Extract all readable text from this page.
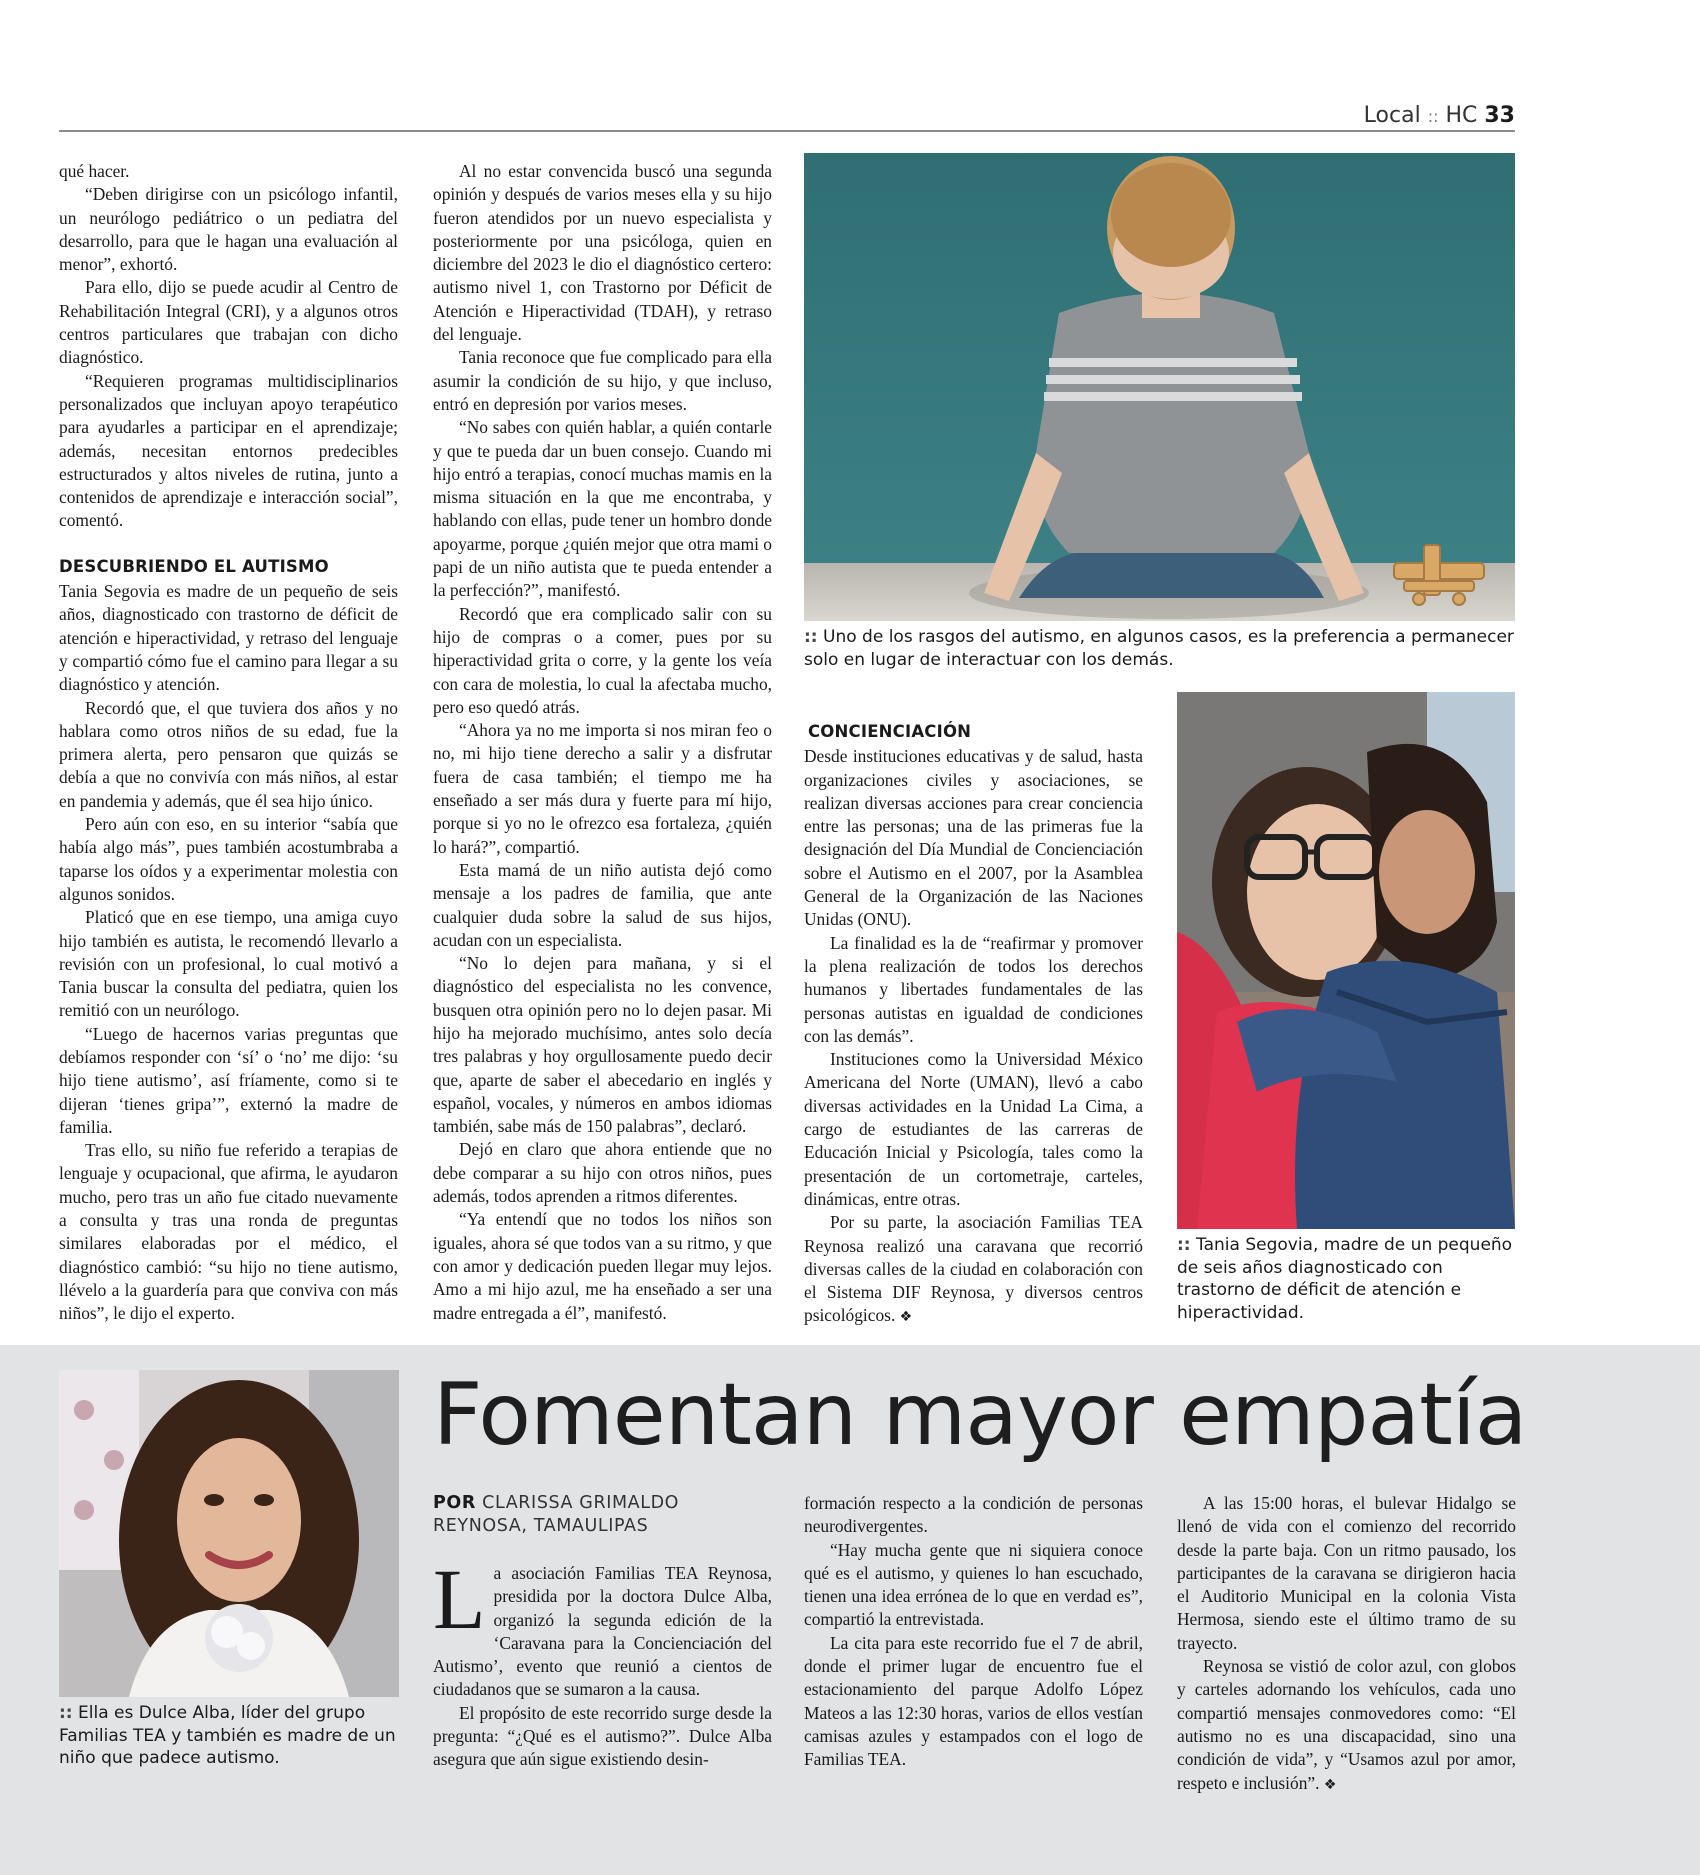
Local :: HC 33

qué hacer.

“Deben dirigirse con un psicólogo infantil, un neurólogo pediátrico o un pediatra del desarrollo, para que le hagan una evaluación al menor”, exhortó.

Para ello, dijo se puede acudir al Centro de Rehabilitación Integral (CRI), y a algunos otros centros particulares que trabajan con dicho diagnóstico.

“Requieren programas multidisciplinarios personalizados que incluyan apoyo terapéutico para ayudarles a participar en el aprendizaje; además, necesitan entornos predecibles estructurados y altos niveles de rutina, junto a contenidos de aprendizaje e interacción social”, comentó.

DESCUBRIENDO EL AUTISMO

Tania Segovia es madre de un pequeño de seis años, diagnosticado con trastorno de déficit de atención e hiperactividad, y retraso del lenguaje y compartió cómo fue el camino para llegar a su diagnóstico y atención.

Recordó que, el que tuviera dos años y no hablara como otros niños de su edad, fue la primera alerta, pero pensaron que quizás se debía a que no convivía con más niños, al estar en pandemia y además, que él sea hijo único.

Pero aún con eso, en su interior “sabía que había algo más”, pues también acostumbraba a taparse los oídos y a experimentar molestia con algunos sonidos.

Platicó que en ese tiempo, una amiga cuyo hijo también es autista, le recomendó llevarlo a revisión con un profesional, lo cual motivó a Tania buscar la consulta del pediatra, quien los remitió con un neurólogo.

“Luego de hacernos varias preguntas que debíamos responder con ‘sí’ o ‘no’ me dijo: ‘su hijo tiene autismo’, así fríamente, como si te dijeran ‘tienes gripa’”, externó la madre de familia.

Tras ello, su niño fue referido a terapias de lenguaje y ocupacional, que afirma, le ayudaron mucho, pero tras un año fue citado nuevamente a consulta y tras una ronda de preguntas similares elaboradas por el médico, el diagnóstico cambió: “su hijo no tiene autismo, llévelo a la guardería para que conviva con más niños”, le dijo el experto.

Al no estar convencida buscó una segunda opinión y después de varios meses ella y su hijo fueron atendidos por un nuevo especialista y posteriormente por una psicóloga, quien en diciembre del 2023 le dio el diagnóstico certero: autismo nivel 1, con Trastorno por Déficit de Atención e Hiperactividad (TDAH), y retraso del lenguaje.

Tania reconoce que fue complicado para ella asumir la condición de su hijo, y que incluso, entró en depresión por varios meses.

“No sabes con quién hablar, a quién contarle y que te pueda dar un buen consejo. Cuando mi hijo entró a terapias, conocí muchas mamis en la misma situación en la que me encontraba, y hablando con ellas, pude tener un hombro donde apoyarme, porque ¿quién mejor que otra mami o papi de un niño autista que te pueda entender a la perfección?”, manifestó.

Recordó que era complicado salir con su hijo de compras o a comer, pues por su hiperactividad grita o corre, y la gente los veía con cara de molestia, lo cual la afectaba mucho, pero eso quedó atrás.

“Ahora ya no me importa si nos miran feo o no, mi hijo tiene derecho a salir y a disfrutar fuera de casa también; el tiempo me ha enseñado a ser más dura y fuerte para mí hijo, porque si yo no le ofrezco esa fortaleza, ¿quién lo hará?”, compartió.

Esta mamá de un niño autista dejó como mensaje a los padres de familia, que ante cualquier duda sobre la salud de sus hijos, acudan con un especialista.

“No lo dejen para mañana, y si el diagnóstico del especialista no les convence, busquen otra opinión pero no lo dejen pasar. Mi hijo ha mejorado muchísimo, antes solo decía tres palabras y hoy orgullosamente puedo decir que, aparte de saber el abecedario en inglés y español, vocales, y números en ambos idiomas también, sabe más de 150 palabras”, declaró.

Dejó en claro que ahora entiende que no debe comparar a su hijo con otros niños, pues además, todos aprenden a ritmos diferentes.

“Ya entendí que no todos los niños son iguales, ahora sé que todos van a su ritmo, y que con amor y dedicación pueden llegar muy lejos. Amo a mi hijo azul, me ha enseñado a ser una madre entregada a él”, manifestó.

:: Uno de los rasgos del autismo, en algunos casos, es la preferencia a permanecer solo en lugar de interactuar con los demás.
CONCIENCIACIÓN

Desde instituciones educativas y de salud, hasta organizaciones civiles y asociaciones, se realizan diversas acciones para crear conciencia entre las personas; una de las primeras fue la designación del Día Mundial de Concienciación sobre el Autismo en el 2007, por la Asamblea General de la Organización de las Naciones Unidas (ONU).

La finalidad es la de “reafirmar y promover la plena realización de todos los derechos humanos y libertades fundamentales de las personas autistas en igualdad de condiciones con las demás”.

Instituciones como la Universidad México Americana del Norte (UMAN), llevó a cabo diversas actividades en la Unidad La Cima, a cargo de estudiantes de las carreras de Educación Inicial y Psicología, tales como la presentación de un cortometraje, carteles, dinámicas, entre otras.

Por su parte, la asociación Familias TEA Reynosa realizó una caravana que recorrió diversas calles de la ciudad en colaboración con el Sistema DIF Reynosa, y diversos centros psicológicos. ❖

:: Tania Segovia, madre de un pequeño de seis años diagnosticado con trastorno de déficit de atención e hiperactividad.
:: Ella es Dulce Alba, líder del grupo Familias TEA y también es madre de un niño que padece autismo.
Fomentan mayor empatía
POR CLARISSA GRIMALDO
REYNOSA, TAMAULIPAS

La asociación Familias TEA Reynosa, presidida por la doctora Dulce Alba, organizó la segunda edición de la ‘Caravana para la Concienciación del Autismo’, evento que reunió a cientos de ciudadanos que se sumaron a la causa.

El propósito de este recorrido surge desde la pregunta: “¿Qué es el autismo?”. Dulce Alba asegura que aún sigue existiendo desin-

formación respecto a la condición de personas neurodivergentes.

“Hay mucha gente que ni siquiera conoce qué es el autismo, y quienes lo han escuchado, tienen una idea errónea de lo que en verdad es”, compartió la entrevistada.

La cita para este recorrido fue el 7 de abril, donde el primer lugar de encuentro fue el estacionamiento del parque Adolfo López Mateos a las 12:30 horas, varios de ellos vestían camisas azules y estampados con el logo de Familias TEA.

A las 15:00 horas, el bulevar Hidalgo se llenó de vida con el comienzo del recorrido desde la parte baja. Con un ritmo pausado, los participantes de la caravana se dirigieron hacia el Auditorio Municipal en la colonia Vista Hermosa, siendo este el último tramo de su trayecto.

Reynosa se vistió de color azul, con globos y carteles adornando los vehículos, cada uno compartió mensajes conmovedores como: “El autismo no es una discapacidad, sino una condición de vida”, y “Usamos azul por amor, respeto e inclusión”. ❖
